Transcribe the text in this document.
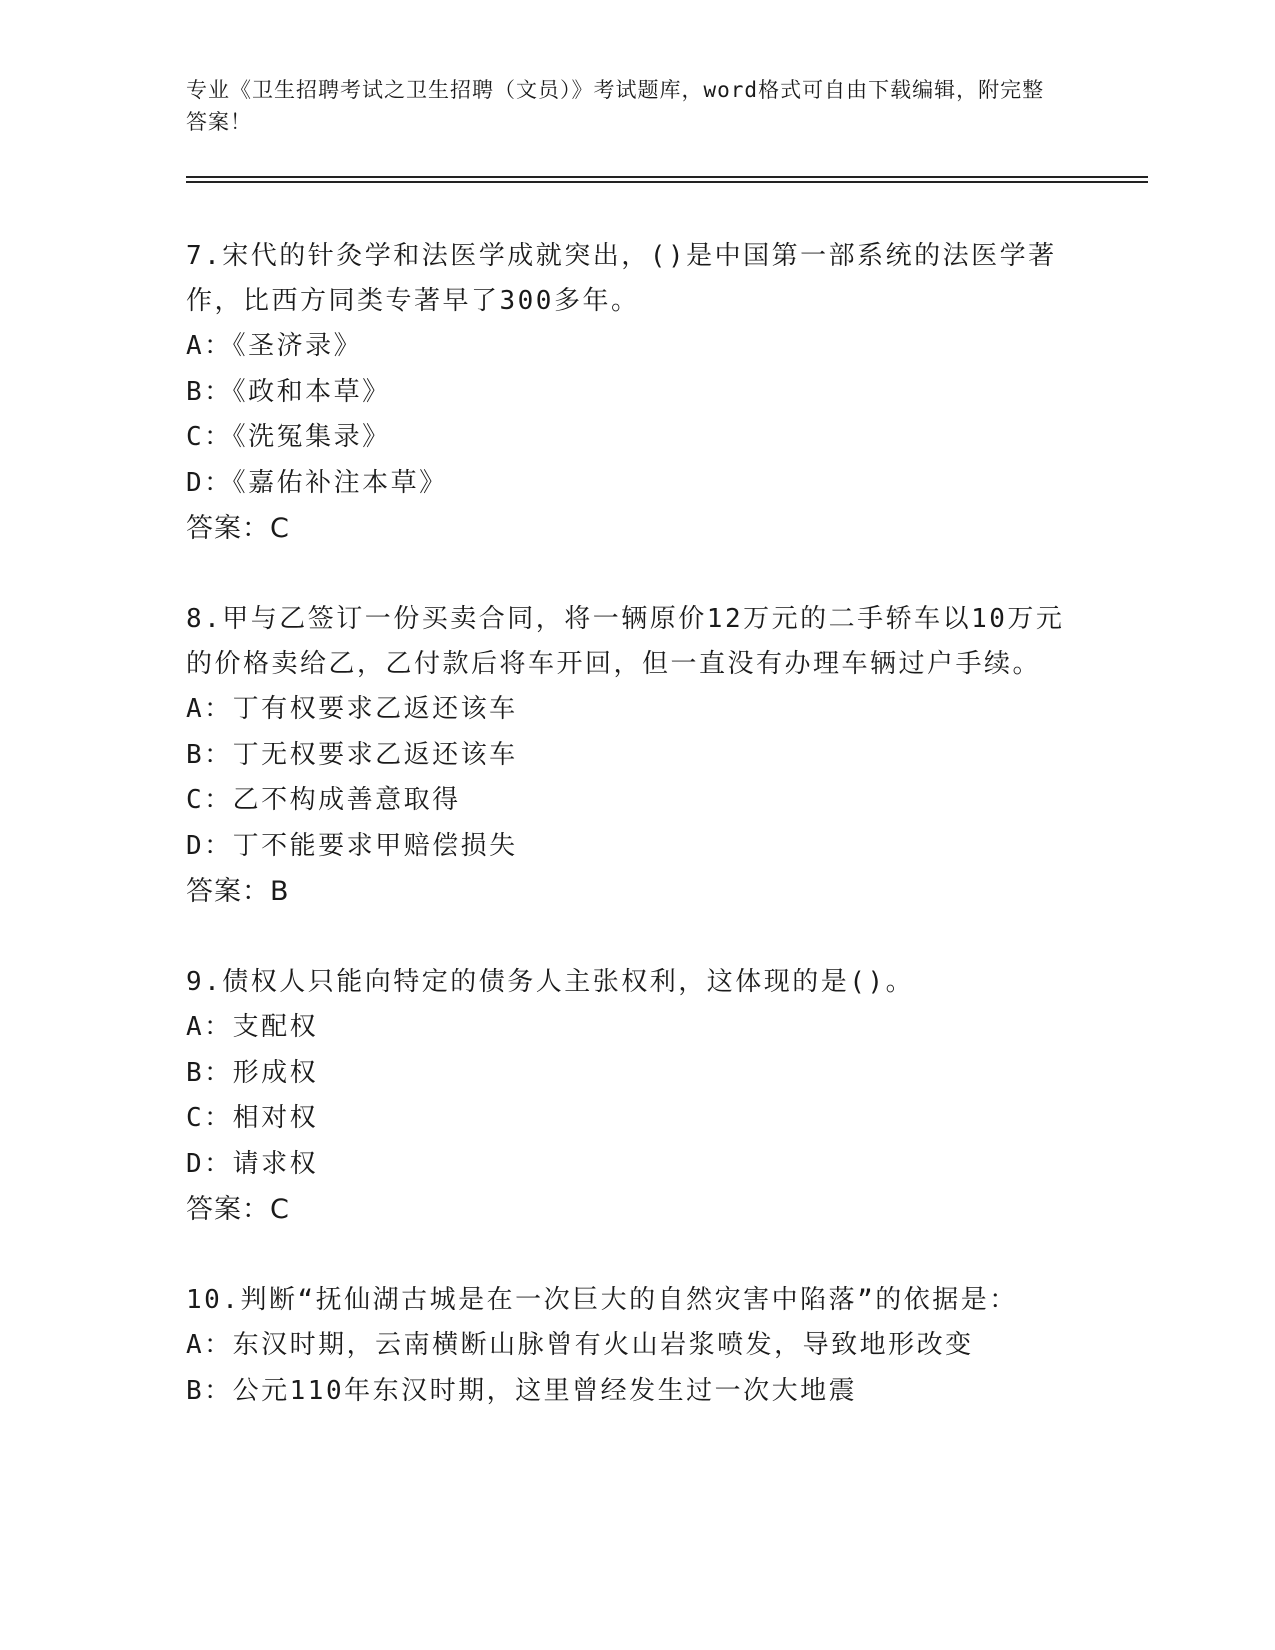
专业《卫生招聘考试之卫生招聘（文员）》考试题库，word格式可自由下载编辑，附完整答案！
7.宋代的针灸学和法医学成就突出，()是中国第一部系统的法医学著作，比西方同类专著早了300多年。
A：《圣济录》
B：《政和本草》
C：《洗冤集录》
D：《嘉佑补注本草》
答案：C
8.甲与乙签订一份买卖合同，将一辆原价12万元的二手轿车以10万元的价格卖给乙，乙付款后将车开回，但一直没有办理车辆过户手续。
A：丁有权要求乙返还该车
B：丁无权要求乙返还该车
C：乙不构成善意取得
D：丁不能要求甲赔偿损失
答案：B
9.债权人只能向特定的债务人主张权利，这体现的是()。
A：支配权
B：形成权
C：相对权
D：请求权
答案：C
10.判断“抚仙湖古城是在一次巨大的自然灾害中陷落”的依据是：
A：东汉时期，云南横断山脉曾有火山岩浆喷发，导致地形改变
B：公元110年东汉时期，这里曾经发生过一次大地震
